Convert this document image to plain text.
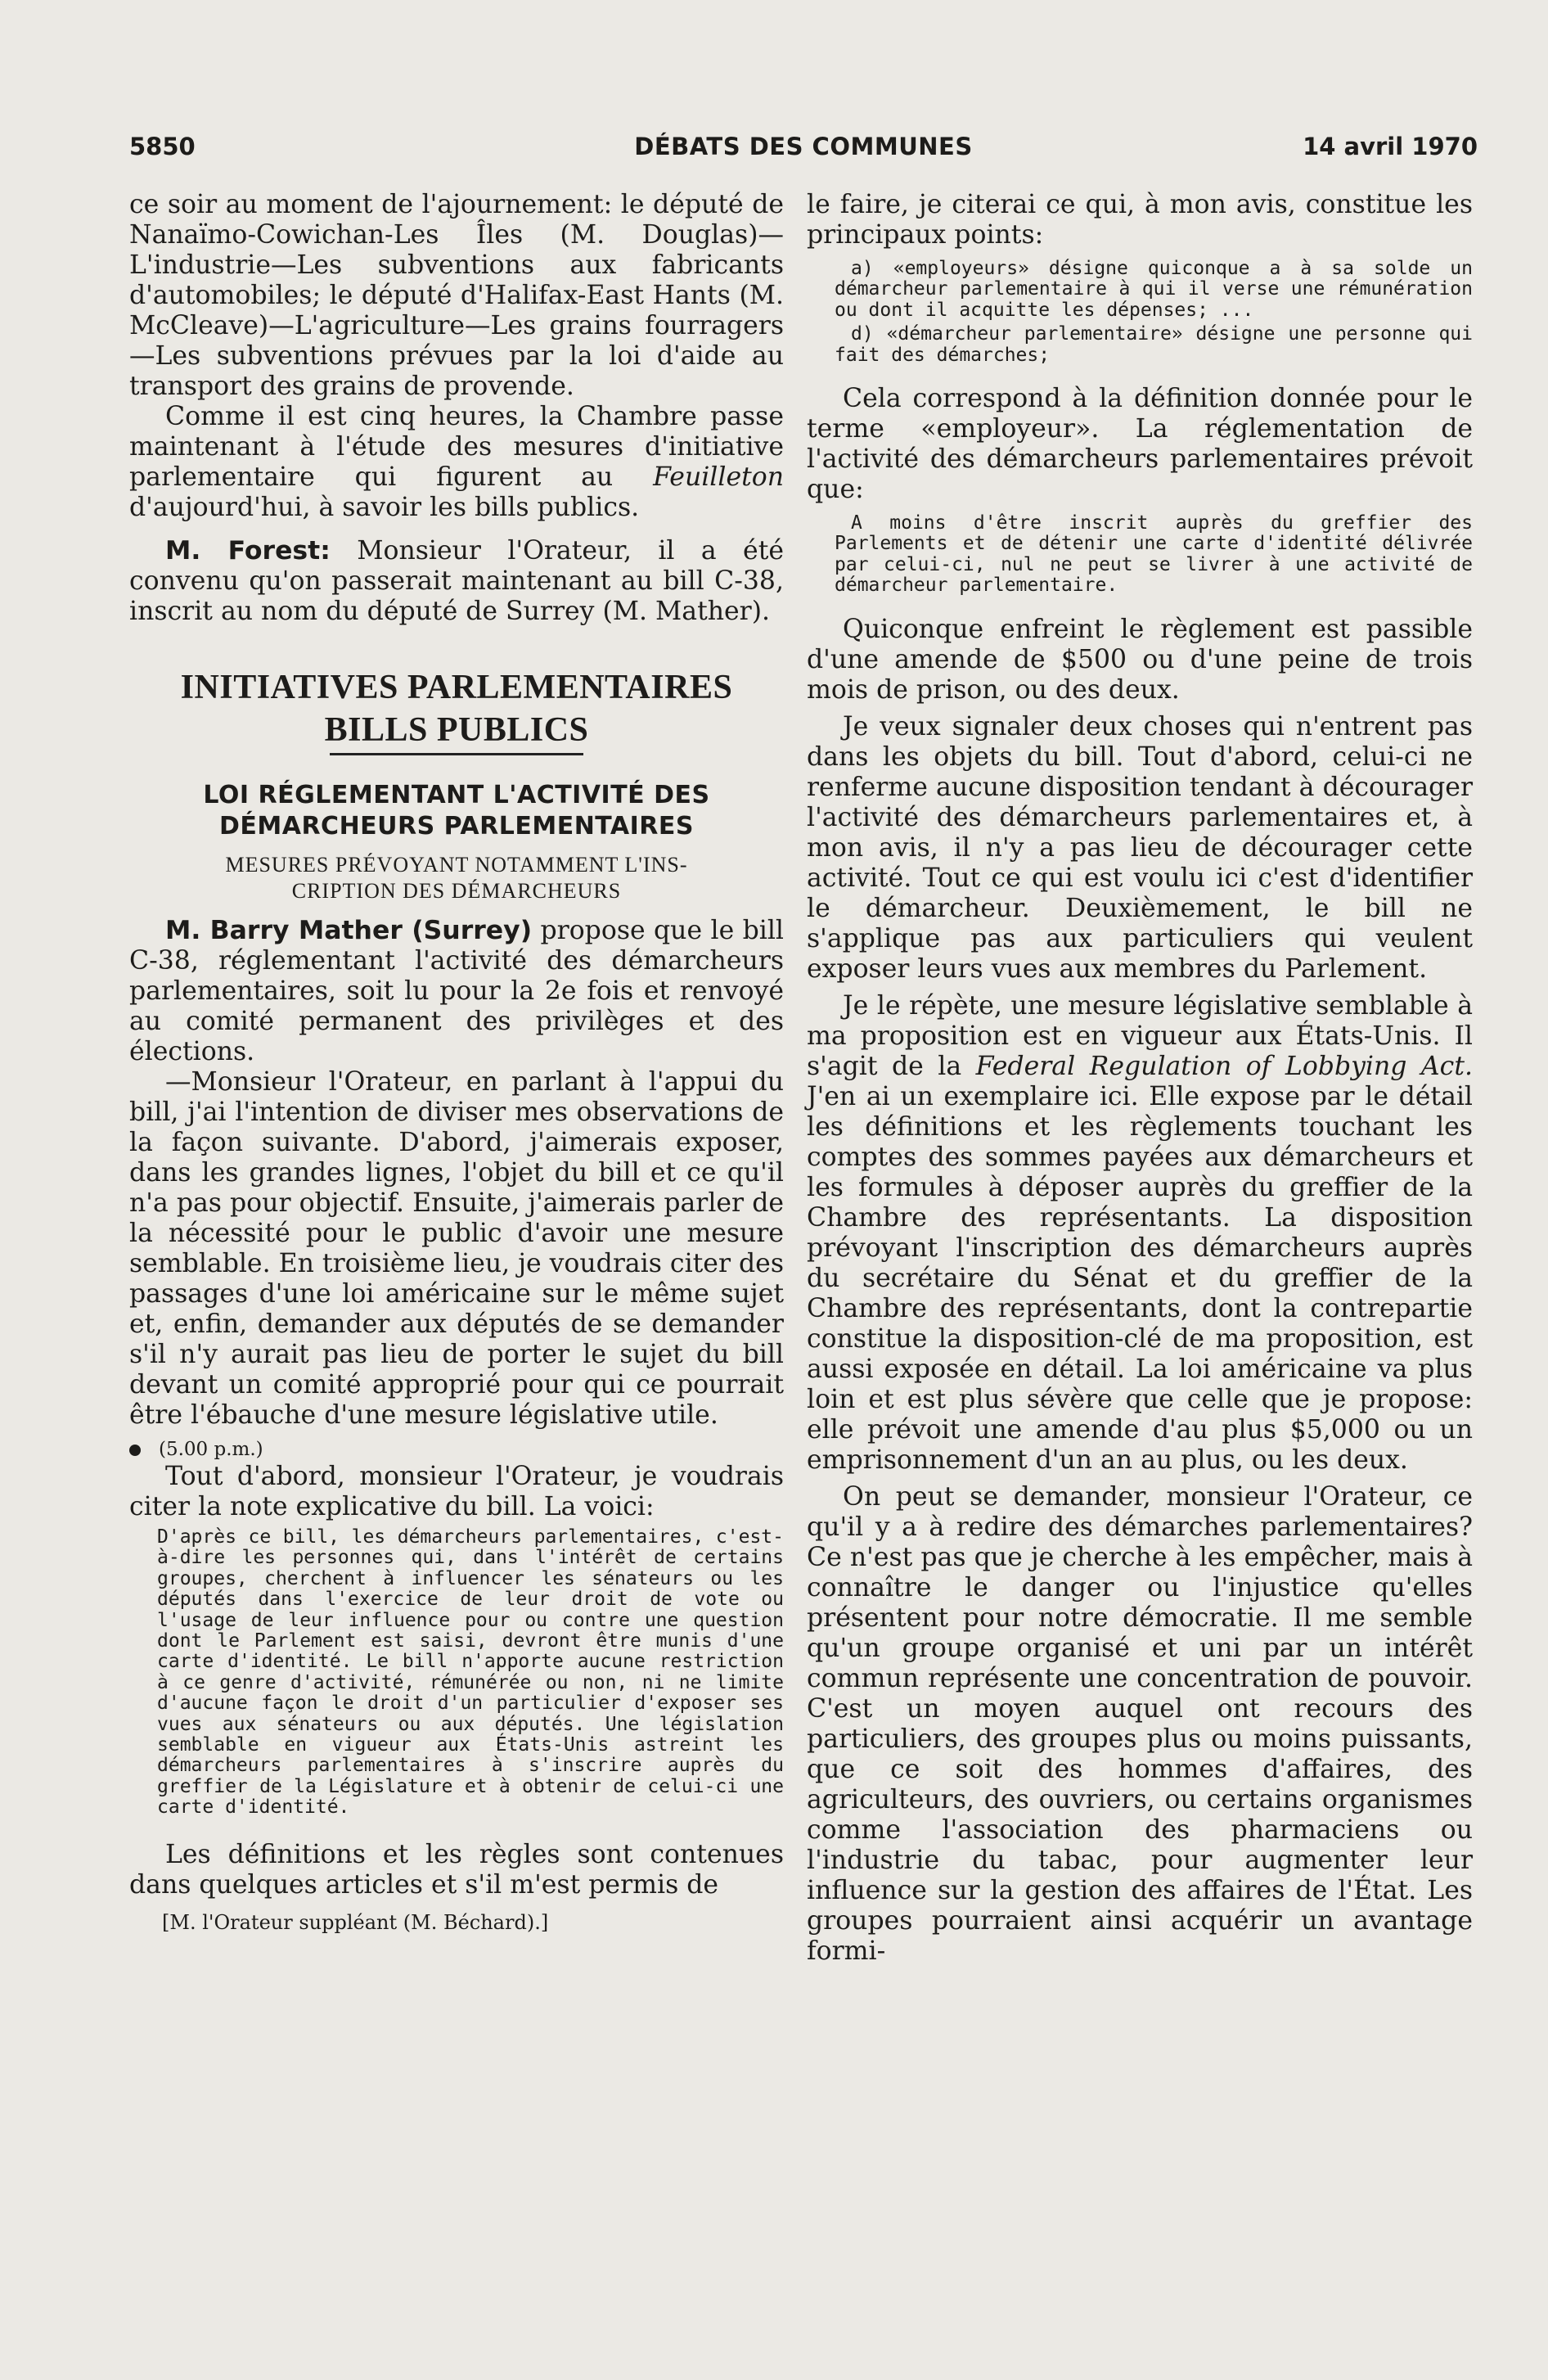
5850	DÉBATS DES COMMUNES	14 avril 1970

ce soir au moment de l'ajournement: le député de Nanaïmo-Cowichan-Les Îles (M. Douglas)—L'industrie—Les subventions aux fabricants d'automobiles; le député d'Halifax-East Hants (M. McCleave)—L'agriculture—Les grains fourragers—Les subventions prévues par la loi d'aide au transport des grains de provende.

Comme il est cinq heures, la Chambre passe maintenant à l'étude des mesures d'initiative parlementaire qui figurent au Feuilleton d'aujourd'hui, à savoir les bills publics.

M. Forest: Monsieur l'Orateur, il a été convenu qu'on passerait maintenant au bill C-38, inscrit au nom du député de Surrey (M. Mather).

INITIATIVES PARLEMENTAIRES
BILLS PUBLICS
LOI RÉGLEMENTANT L'ACTIVITÉ DES
DÉMARCHEURS PARLEMENTAIRES
MESURES PRÉVOYANT NOTAMMENT L'INS-
CRIPTION DES DÉMARCHEURS

M. Barry Mather (Surrey) propose que le bill C-38, réglementant l'activité des démarcheurs parlementaires, soit lu pour la 2e fois et renvoyé au comité permanent des privilèges et des élections.

—Monsieur l'Orateur, en parlant à l'appui du bill, j'ai l'intention de diviser mes observations de la façon suivante. D'abord, j'aimerais exposer, dans les grandes lignes, l'objet du bill et ce qu'il n'a pas pour objectif. Ensuite, j'aimerais parler de la nécessité pour le public d'avoir une mesure semblable. En troisième lieu, je voudrais citer des passages d'une loi américaine sur le même sujet et, enfin, demander aux députés de se demander s'il n'y aurait pas lieu de porter le sujet du bill devant un comité approprié pour qui ce pourrait être l'ébauche d'une mesure législative utile.

(5.00 p.m.)

Tout d'abord, monsieur l'Orateur, je voudrais citer la note explicative du bill. La voici:

D'après ce bill, les démarcheurs parlementaires, c'est-à-dire les personnes qui, dans l'intérêt de certains groupes, cherchent à influencer les sénateurs ou les députés dans l'exercice de leur droit de vote ou l'usage de leur influence pour ou contre une question dont le Parlement est saisi, devront être munis d'une carte d'identité. Le bill n'apporte aucune restriction à ce genre d'activité, rémunérée ou non, ni ne limite d'aucune façon le droit d'un particulier d'exposer ses vues aux sénateurs ou aux députés. Une législation semblable en vigueur aux États-Unis astreint les démarcheurs parlementaires à s'inscrire auprès du greffier de la Législature et à obtenir de celui-ci une carte d'identité.

Les définitions et les règles sont contenues dans quelques articles et s'il m'est permis de

[M. l'Orateur suppléant (M. Béchard).]

le faire, je citerai ce qui, à mon avis, constitue les principaux points:

a) «employeurs» désigne quiconque a à sa solde un démarcheur parlementaire à qui il verse une rémunération ou dont il acquitte les dépenses; ...

d) «démarcheur parlementaire» désigne une personne qui fait des démarches;

Cela correspond à la définition donnée pour le terme «employeur». La réglementation de l'activité des démarcheurs parlementaires prévoit que:

A moins d'être inscrit auprès du greffier des Parlements et de détenir une carte d'identité délivrée par celui-ci, nul ne peut se livrer à une activité de démarcheur parlementaire.

Quiconque enfreint le règlement est passible d'une amende de $500 ou d'une peine de trois mois de prison, ou des deux.

Je veux signaler deux choses qui n'entrent pas dans les objets du bill. Tout d'abord, celui-ci ne renferme aucune disposition tendant à décourager l'activité des démarcheurs parlementaires et, à mon avis, il n'y a pas lieu de décourager cette activité. Tout ce qui est voulu ici c'est d'identifier le démarcheur. Deuxièmement, le bill ne s'applique pas aux particuliers qui veulent exposer leurs vues aux membres du Parlement.

Je le répète, une mesure législative semblable à ma proposition est en vigueur aux États-Unis. Il s'agit de la Federal Regulation of Lobbying Act. J'en ai un exemplaire ici. Elle expose par le détail les définitions et les règlements touchant les comptes des sommes payées aux démarcheurs et les formules à déposer auprès du greffier de la Chambre des représentants. La disposition prévoyant l'inscription des démarcheurs auprès du secrétaire du Sénat et du greffier de la Chambre des représentants, dont la contrepartie constitue la disposition-clé de ma proposition, est aussi exposée en détail. La loi américaine va plus loin et est plus sévère que celle que je propose: elle prévoit une amende d'au plus $5,000 ou un emprisonnement d'un an au plus, ou les deux.

On peut se demander, monsieur l'Orateur, ce qu'il y a à redire des démarches parlementaires? Ce n'est pas que je cherche à les empêcher, mais à connaître le danger ou l'injustice qu'elles présentent pour notre démocratie. Il me semble qu'un groupe organisé et uni par un intérêt commun représente une concentration de pouvoir. C'est un moyen auquel ont recours des particuliers, des groupes plus ou moins puissants, que ce soit des hommes d'affaires, des agriculteurs, des ouvriers, ou certains organismes comme l'association des pharmaciens ou l'industrie du tabac, pour augmenter leur influence sur la gestion des affaires de l'État. Les groupes pourraient ainsi acquérir un avantage formi-
